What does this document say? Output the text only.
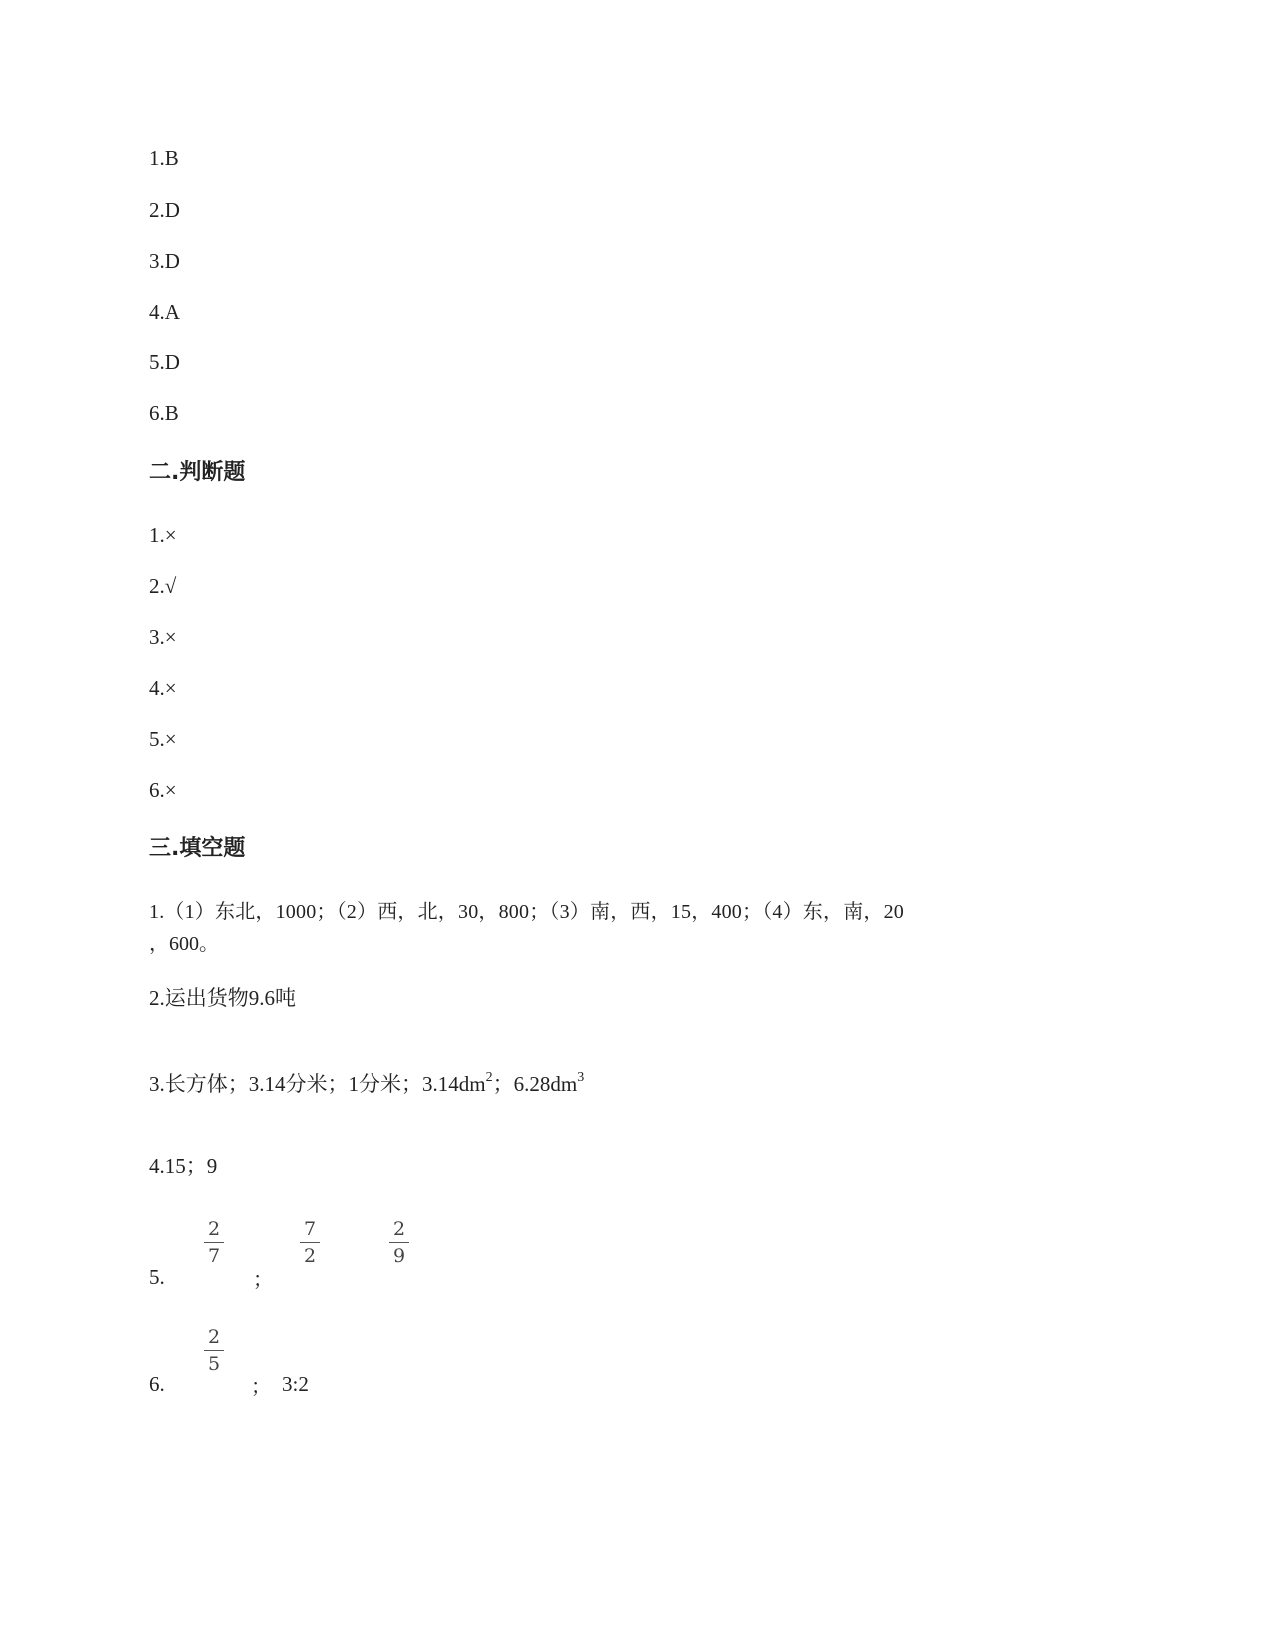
1.B
2.D
3.D
4.A
5.D
6.B
二.判断题
1.×
2.√
3.×
4.×
5.×
6.×
三.填空题
1.（1）东北，1000；（2）西，北，30，800；（3）南，西，15，400；（4）东，南，20
，600。
2.运出货物9.6吨
3.长方体；3.14分米；1分米；$3.14dm^2$；$6.28dm^3$
4.15；9
5.
2
7
；
7
2
2
9
6.
2
5
； 3:2
